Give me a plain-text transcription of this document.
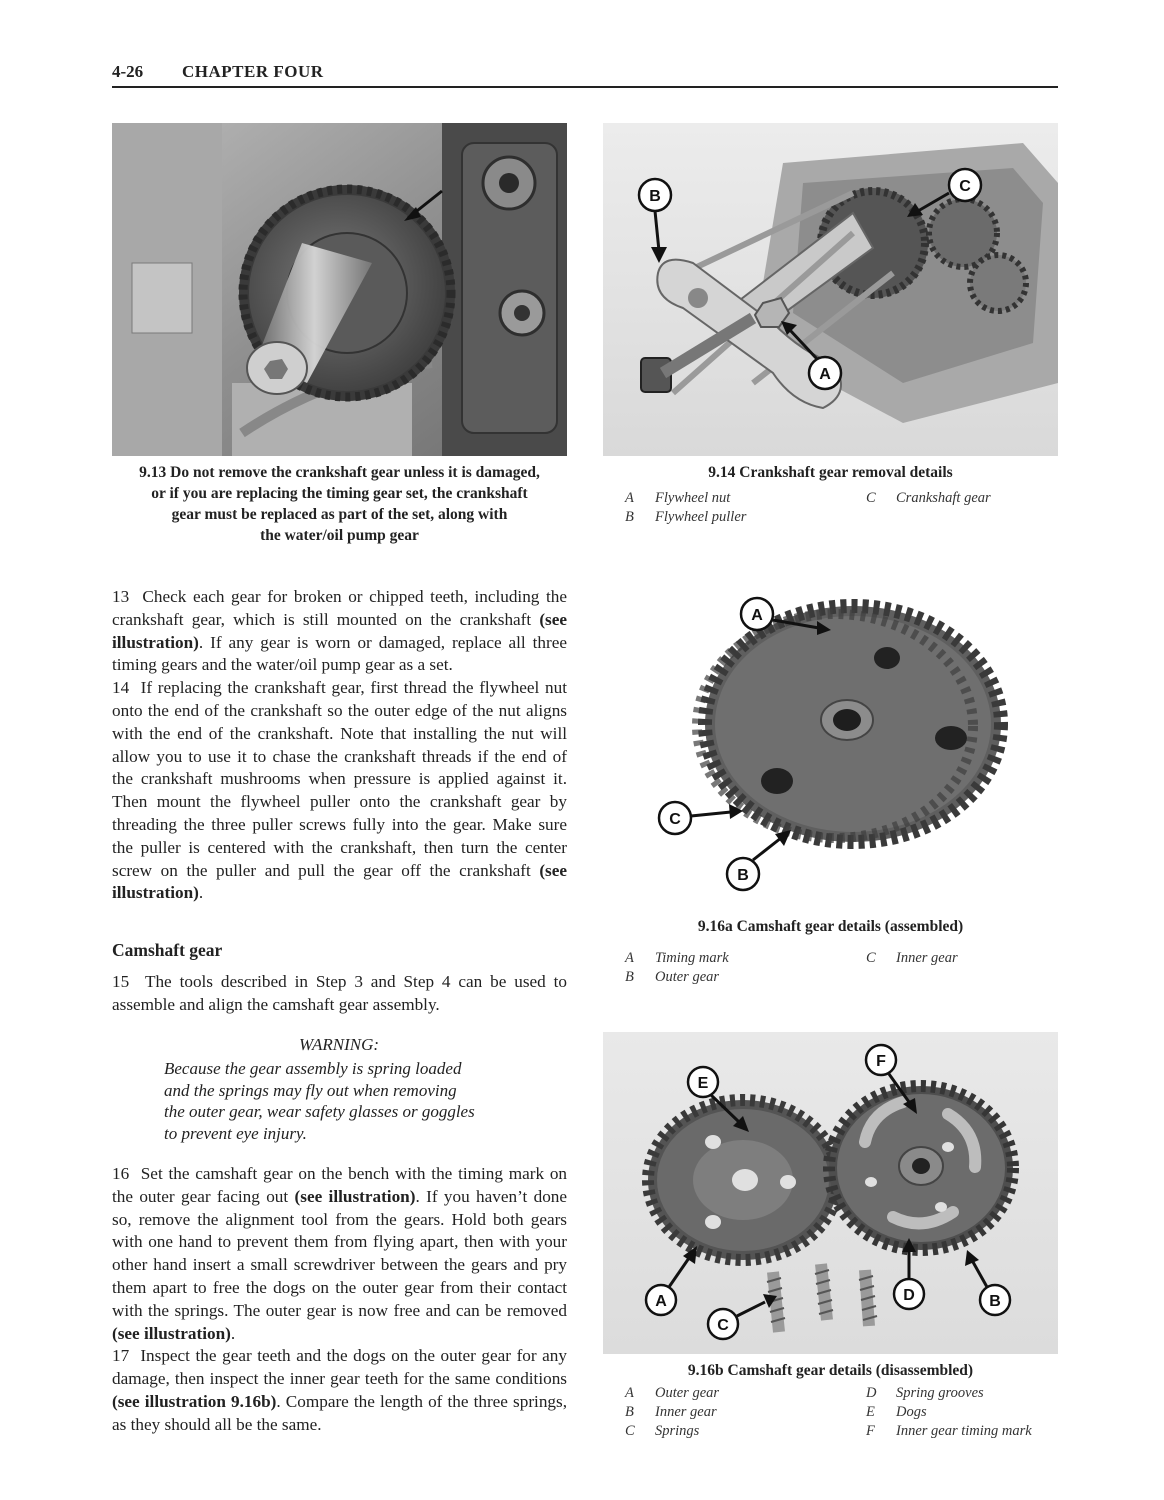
4-26 CHAPTER FOUR
9.13 Do not remove the crankshaft gear unless it is damaged,
or if you are replacing the timing gear set, the crankshaft
gear must be replaced as part of the set, along with
the water/oil pump gear
B
C
A
9.14 Crankshaft gear removal details
A Flywheel nut
B Flywheel puller
C Crankshaft gear
A
C
B
9.16a Camshaft gear details (assembled)
A Timing mark
B Outer gear
C Inner gear
E
F
A
C
D	B
9.16b Camshaft gear details (disassembled)
A Outer gear
B Inner gear
C Springs
D Spring grooves
E Dogs
F Inner gear timing mark
13 Check each gear for broken or chipped teeth, including the crankshaft gear, which is still mounted on the crankshaft (see illustration). If any gear is worn or damaged, replace all three timing gears and the water/oil pump gear as a set.
14 If replacing the crankshaft gear, first thread the flywheel nut onto the end of the crankshaft so the outer edge of the nut aligns with the end of the crankshaft. Note that installing the nut will allow you to use it to chase the crankshaft threads if the end of the crankshaft mushrooms when pressure is applied against it. Then mount the flywheel puller onto the crankshaft gear by threading the three puller screws fully into the gear. Make sure the puller is centered with the crankshaft, then turn the center screw on the puller and pull the gear off the crankshaft (see illustration).
Camshaft gear
15 The tools described in Step 3 and Step 4 can be used to assemble and align the camshaft gear assembly.
WARNING:
Because the gear assembly is spring loaded
and the springs may fly out when removing
the outer gear, wear safety glasses or goggles
to prevent eye injury.
16 Set the camshaft gear on the bench with the timing mark on the outer gear facing out (see illustration). If you haven’t done so, remove the alignment tool from the gears. Hold both gears with one hand to prevent them from flying apart, then with your other hand insert a small screwdriver between the gears and pry them apart to free the dogs on the outer gear from their contact with the springs. The outer gear is now free and can be removed (see illustration).
17 Inspect the gear teeth and the dogs on the outer gear for any damage, then inspect the inner gear teeth for the same conditions (see illustration 9.16b). Compare the length of the three springs, as they should all be the same.
